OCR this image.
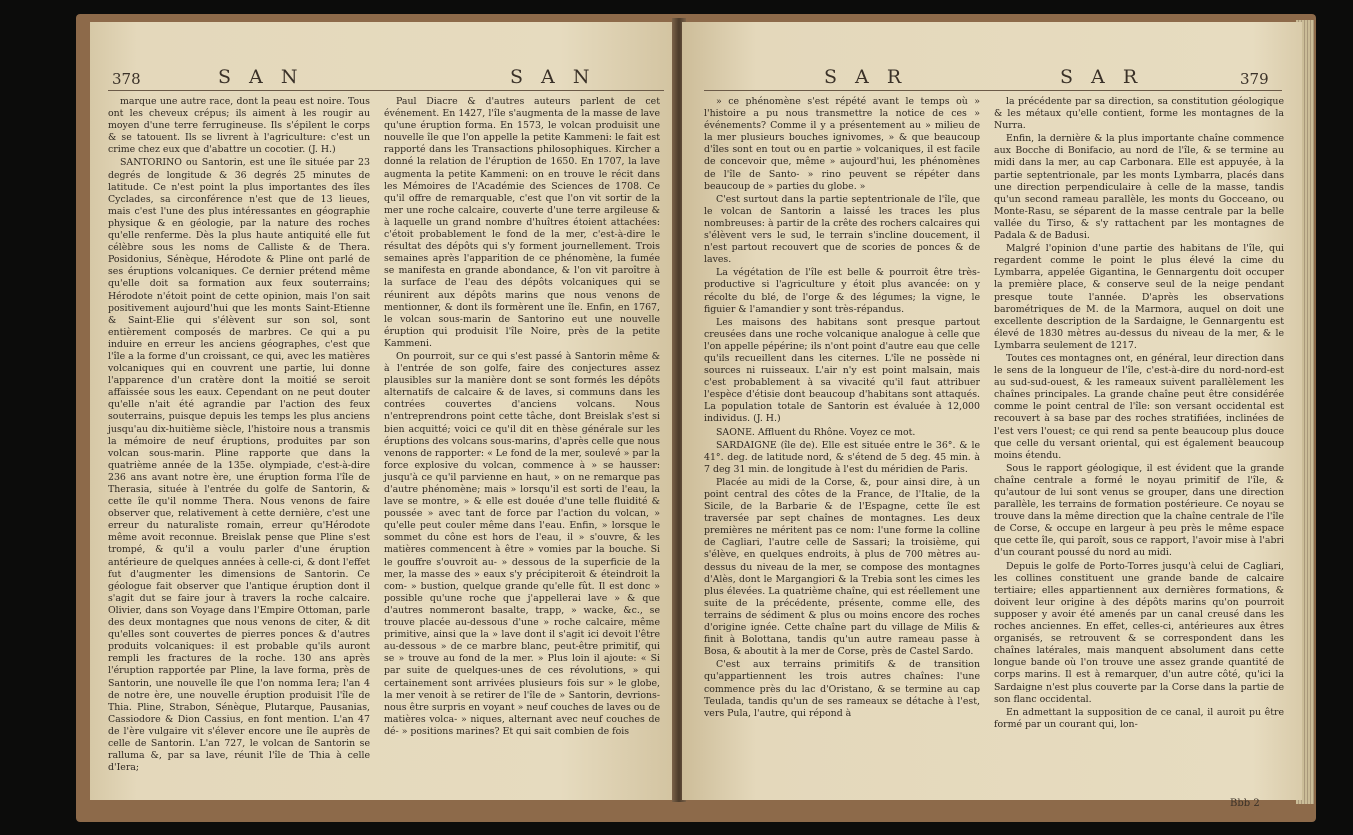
378	S A N	S A N

marque une autre race, dont la peau est noire. Tous ont les cheveux crépus; ils aiment à les rougir au moyen d'une terre ferrugineuse. Ils s'épilent le corps & se tatouent. Ils se livrent à l'agriculture: c'est un crime chez eux que d'abattre un cocotier. (J. H.)

SANTORINO ou Santorin, est une île située par 23 degrés de longitude & 36 degrés 25 minutes de latitude. Ce n'est point la plus importantes des îles Cyclades, sa circonférence n'est que de 13 lieues, mais c'est l'une des plus intéressantes en géographie physique & en géologie, par la nature des roches qu'elle renferme. Dès la plus haute antiquité elle fut célèbre sous les noms de Calliste & de Thera. Posidonius, Sénèque, Hérodote & Pline ont parlé de ses éruptions volcaniques. Ce dernier prétend même qu'elle doit sa formation aux feux souterrains; Hérodote n'étoit point de cette opinion, mais l'on sait positivement aujourd'hui que les monts Saint-Etienne & Saint-Elie qui s'élèvent sur son sol, sont entièrement composés de marbres. Ce qui a pu induire en erreur les anciens géographes, c'est que l'île a la forme d'un croissant, ce qui, avec les matières volcaniques qui en couvrent une partie, lui donne l'apparence d'un cratère dont la moitié se seroit affaissée sous les eaux. Cependant on ne peut douter qu'elle n'ait été agrandie par l'action des feux souterrains, puisque depuis les temps les plus anciens jusqu'au dix-huitième siècle, l'histoire nous a transmis la mémoire de neuf éruptions, produites par son volcan sous-marin. Pline rapporte que dans la quatrième année de la 135e. olympiade, c'est-à-dire 236 ans avant notre ère, une éruption forma l'île de Therasia, située à l'entrée du golfe de Santorin, & cette île qu'il nomme Thera. Nous venons de faire observer que, relativement à cette dernière, c'est une erreur du naturaliste romain, erreur qu'Hérodote même avoit reconnue. Breislak pense que Pline s'est trompé, & qu'il a voulu parler d'une éruption antérieure de quelques années à celle-ci, & dont l'effet fut d'augmenter les dimensions de Santorin. Ce géologue fait observer que l'antique éruption dont il s'agit dut se faire jour à travers la roche calcaire. Olivier, dans son Voyage dans l'Empire Ottoman, parle des deux montagnes que nous venons de citer, & dit qu'elles sont couvertes de pierres ponces & d'autres produits volcaniques: il est probable qu'ils auront rempli les fractures de la roche. 130 ans après l'éruption rapportée par Pline, la lave forma, près de Santorin, une nouvelle île que l'on nomma Iera; l'an 4 de notre ère, une nouvelle éruption produisit l'île de Thia. Pline, Strabon, Sénèque, Plutarque, Pausanias, Cassiodore & Dion Cassius, en font mention. L'an 47 de l'ère vulgaire vit s'élever encore une île auprès de celle de Santorin. L'an 727, le volcan de Santorin se ralluma &, par sa lave, réunit l'île de Thia à celle d'Iera;

Paul Diacre & d'autres auteurs parlent de cet événement. En 1427, l'île s'augmenta de la masse de lave qu'une éruption forma. En 1573, le volcan produisit une nouvelle île que l'on appelle la petite Kammeni: le fait est rapporté dans les Transactions philosophiques. Kircher a donné la relation de l'éruption de 1650. En 1707, la lave augmenta la petite Kammeni: on en trouve le récit dans les Mémoires de l'Académie des Sciences de 1708. Ce qu'il offre de remarquable, c'est que l'on vit sortir de la mer une roche calcaire, couverte d'une terre argileuse & à laquelle un grand nombre d'huîtres étoient attachées: c'étoit probablement le fond de la mer, c'est-à-dire le résultat des dépôts qui s'y forment journellement. Trois semaines après l'apparition de ce phénomène, la fumée se manifesta en grande abondance, & l'on vit paroître à la surface de l'eau des dépôts volcaniques qui se réunirent aux dépôts marins que nous venons de mentionner, & dont ils formèrent une île. Enfin, en 1767, le volcan sous-marin de Santorino eut une nouvelle éruption qui produisit l'île Noire, près de la petite Kammeni.

On pourroit, sur ce qui s'est passé à Santorin même & à l'entrée de son golfe, faire des conjectures assez plausibles sur la manière dont se sont formés les dépôts alternatifs de calcaire & de laves, si communs dans les contrées couvertes d'anciens volcans. Nous n'entreprendrons point cette tâche, dont Breislak s'est si bien acquitté; voici ce qu'il dit en thèse générale sur les éruptions des volcans sous-marins, d'après celle que nous venons de rapporter: « Le fond de la mer, soulevé » par la force explosive du volcan, commence à » se hausser: jusqu'à ce qu'il parvienne en haut, » on ne remarque pas d'autre phénomène; mais » lorsqu'il est sorti de l'eau, la lave se montre, » & elle est douée d'une telle fluidité & poussée » avec tant de force par l'action du volcan, » qu'elle peut couler même dans l'eau. Enfin, » lorsque le sommet du cône est hors de l'eau, il » s'ouvre, & les matières commencent à être » vomies par la bouche. Si le gouffre s'ouvroit au- » dessous de la superficie de la mer, la masse des » eaux s'y précipiteroit & éteindroit la com- » bustion, quelque grande qu'elle fût. Il est donc » possible qu'une roche que j'appellerai lave » & que d'autres nommeront basalte, trapp, » wacke, &c., se trouve placée au-dessous d'une » roche calcaire, même primitive, ainsi que la » lave dont il s'agit ici devoit l'être au-dessous » de ce marbre blanc, peut-être primitif, qui se » trouve au fond de la mer. » Plus loin il ajoute: « Si par suite de quelques-unes de ces révolutions, » qui certainement sont arrivées plusieurs fois sur » le globe, la mer venoit à se retirer de l'île de » Santorin, devrions-nous être surpris en voyant » neuf couches de laves ou de matières volca- » niques, alternant avec neuf couches de dé- » positions marines? Et qui sait combien de fois

S A R	S A R	379

» ce phénomène s'est répété avant le temps où » l'histoire a pu nous transmettre la notice de ces » événements? Comme il y a présentement au » milieu de la mer plusieurs bouches ignivomes, » & que beaucoup d'îles sont en tout ou en partie » volcaniques, il est facile de concevoir que, même » aujourd'hui, les phénomènes de l'île de Santo- » rino peuvent se répéter dans beaucoup de » parties du globe. »

C'est surtout dans la partie septentrionale de l'île, que le volcan de Santorin a laissé les traces les plus nombreuses: à partir de la crête des rochers calcaires qui s'élèvent vers le sud, le terrain s'incline doucement, il n'est partout recouvert que de scories de ponces & de laves.

La végétation de l'île est belle & pourroit être très-productive si l'agriculture y étoit plus avancée: on y récolte du blé, de l'orge & des légumes; la vigne, le figuier & l'amandier y sont très-répandus.

Les maisons des habitans sont presque partout creusées dans une roche volcanique analogue à celle que l'on appelle pépérine; ils n'ont point d'autre eau que celle qu'ils recueillent dans les citernes. L'île ne possède ni sources ni ruisseaux. L'air n'y est point malsain, mais c'est probablement à sa vivacité qu'il faut attribuer l'espèce d'étisie dont beaucoup d'habitans sont attaqués. La population totale de Santorin est évaluée à 12,000 individus. (J. H.)

SAONE. Affluent du Rhône. Voyez ce mot.

SARDAIGNE (île de). Elle est située entre le 36°. & le 41°. deg. de latitude nord, & s'étend de 5 deg. 45 min. à 7 deg 31 min. de longitude à l'est du méridien de Paris.

Placée au midi de la Corse, &, pour ainsi dire, à un point central des côtes de la France, de l'Italie, de la Sicile, de la Barbarie & de l'Espagne, cette île est traversée par sept chaînes de montagnes. Les deux premières ne méritent pas ce nom: l'une forme la colline de Cagliari, l'autre celle de Sassari; la troisième, qui s'élève, en quelques endroits, à plus de 700 mètres au-dessus du niveau de la mer, se compose des montagnes d'Alès, dont le Margangiori & la Trebia sont les cimes les plus élevées. La quatrième chaîne, qui est réellement une suite de la précédente, présente, comme elle, des terrains de sédiment & plus ou moins encore des roches d'origine ignée. Cette chaîne part du village de Milis & finit à Bolottana, tandis qu'un autre rameau passe à Bosa, & aboutit à la mer de Corse, près de Castel Sardo.

C'est aux terrains primitifs & de transition qu'appartiennent les trois autres chaînes: l'une commence près du lac d'Oristano, & se termine au cap Teulada, tandis qu'un de ses rameaux se détache à l'est, vers Pula, l'autre, qui répond à

la précédente par sa direction, sa constitution géologique & les métaux qu'elle contient, forme les montagnes de la Nurra.

Enfin, la dernière & la plus importante chaîne commence aux Bocche di Bonifacio, au nord de l'île, & se termine au midi dans la mer, au cap Carbonara. Elle est appuyée, à la partie septentrionale, par les monts Lymbarra, placés dans une direction perpendiculaire à celle de la masse, tandis qu'un second rameau parallèle, les monts du Gocceano, ou Monte-Rasu, se séparent de la masse centrale par la belle vallée du Tirso, & s'y rattachent par les montagnes de Padala & de Badusi.

Malgré l'opinion d'une partie des habitans de l'île, qui regardent comme le point le plus élevé la cime du Lymbarra, appelée Gigantina, le Gennargentu doit occuper la première place, & conserve seul de la neige pendant presque toute l'année. D'après les observations barométriques de M. de la Marmora, auquel on doit une excellente description de la Sardaigne, le Gennargentu est élevé de 1830 mètres au-dessus du niveau de la mer, & le Lymbarra seulement de 1217.

Toutes ces montagnes ont, en général, leur direction dans le sens de la longueur de l'île, c'est-à-dire du nord-nord-est au sud-sud-ouest, & les rameaux suivent parallèlement les chaînes principales. La grande chaîne peut être considérée comme le point central de l'île: son versant occidental est recouvert à sa base par des roches stratifiées, inclinées de l'est vers l'ouest; ce qui rend sa pente beaucoup plus douce que celle du versant oriental, qui est également beaucoup moins étendu.

Sous le rapport géologique, il est évident que la grande chaîne centrale a formé le noyau primitif de l'île, & qu'autour de lui sont venus se grouper, dans une direction parallèle, les terrains de formation postérieure. Ce noyau se trouve dans la même direction que la chaîne centrale de l'île de Corse, & occupe en largeur à peu près le même espace que cette île, qui paroît, sous ce rapport, l'avoir mise à l'abri d'un courant poussé du nord au midi.

Depuis le golfe de Porto-Torres jusqu'à celui de Cagliari, les collines constituent une grande bande de calcaire tertiaire; elles appartiennent aux dernières formations, & doivent leur origine à des dépôts marins qu'on pourroit supposer y avoir été amenés par un canal creusé dans les roches anciennes. En effet, celles-ci, antérieures aux êtres organisés, se retrouvent & se correspondent dans les chaînes latérales, mais manquent absolument dans cette longue bande où l'on trouve une assez grande quantité de corps marins. Il est à remarquer, d'un autre côté, qu'ici la Sardaigne n'est plus couverte par la Corse dans la partie de son flanc occidental.

En admettant la supposition de ce canal, il auroit pu être formé par un courant qui, lon-

Bbb 2
